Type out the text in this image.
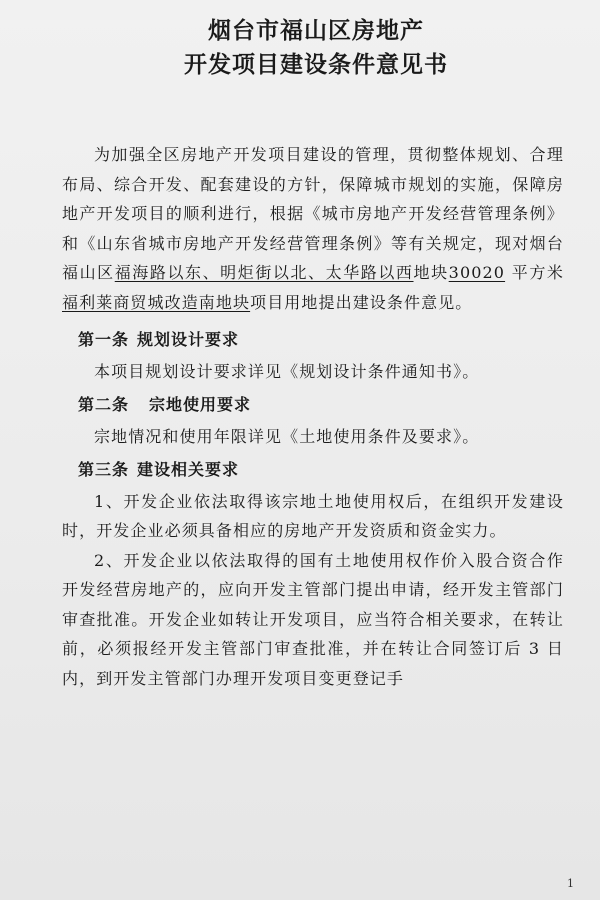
烟台市福山区房地产
开发项目建设条件意见书

为加强全区房地产开发项目建设的管理，贯彻整体规划、合理布局、综合开发、配套建设的方针，保障城市规划的实施，保障房地产开发项目的顺利进行，根据《城市房地产开发经营管理条例》和《山东省城市房地产开发经营管理条例》等有关规定，现对烟台福山区福海路以东、明炬街以北、太华路以西地块30020 平方米福利莱商贸城改造南地块项目用地提出建设条件意见。

第一条 规划设计要求

本项目规划设计要求详见《规划设计条件通知书》。

第二条 宗地使用要求

宗地情况和使用年限详见《土地使用条件及要求》。

第三条 建设相关要求

1、开发企业依法取得该宗地土地使用权后，在组织开发建设时，开发企业必须具备相应的房地产开发资质和资金实力。

2、开发企业以依法取得的国有土地使用权作价入股合资合作开发经营房地产的，应向开发主管部门提出申请，经开发主管部门审查批准。开发企业如转让开发项目，应当符合相关要求，在转让前，必须报经开发主管部门审查批准，并在转让合同签订后 3 日内，到开发主管部门办理开发项目变更登记手

1
